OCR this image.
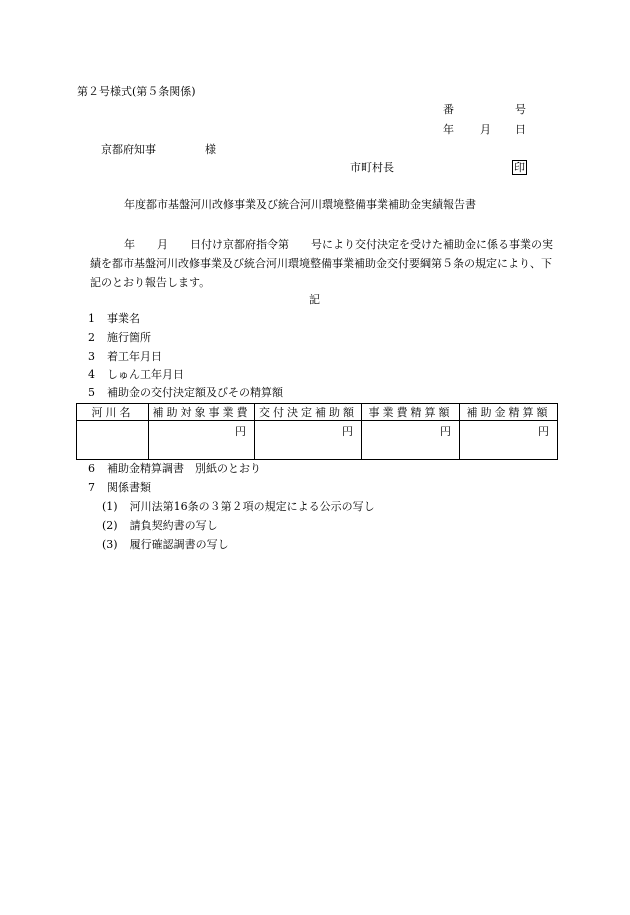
第２号様式(第５条関係)
番	号
年 月 日
京都府知事	様
市町村長	印
年度都市基盤河川改修事業及び統合河川環境整備事業補助金実績報告書
年　　月　　日付け京都府指令第　　号により交付決定を受けた補助金に係る事業の実績を都市基盤河川改修事業及び統合河川環境整備事業補助金交付要綱第５条の規定により、下記のとおり報告します。
記
1 事業名
2 施行箇所
3 着工年月日
4 しゅん工年月日
5 補助金の交付決定額及びその精算額
河川名	補助対象事業費	交付決定補助額	事業費精算額	補助金精算額
	円	円	円	円
6 補助金精算調書　別紙のとおり
7 関係書類
(1) 河川法第16条の３第２項の規定による公示の写し
(2) 請負契約書の写し
(3) 履行確認調書の写し
